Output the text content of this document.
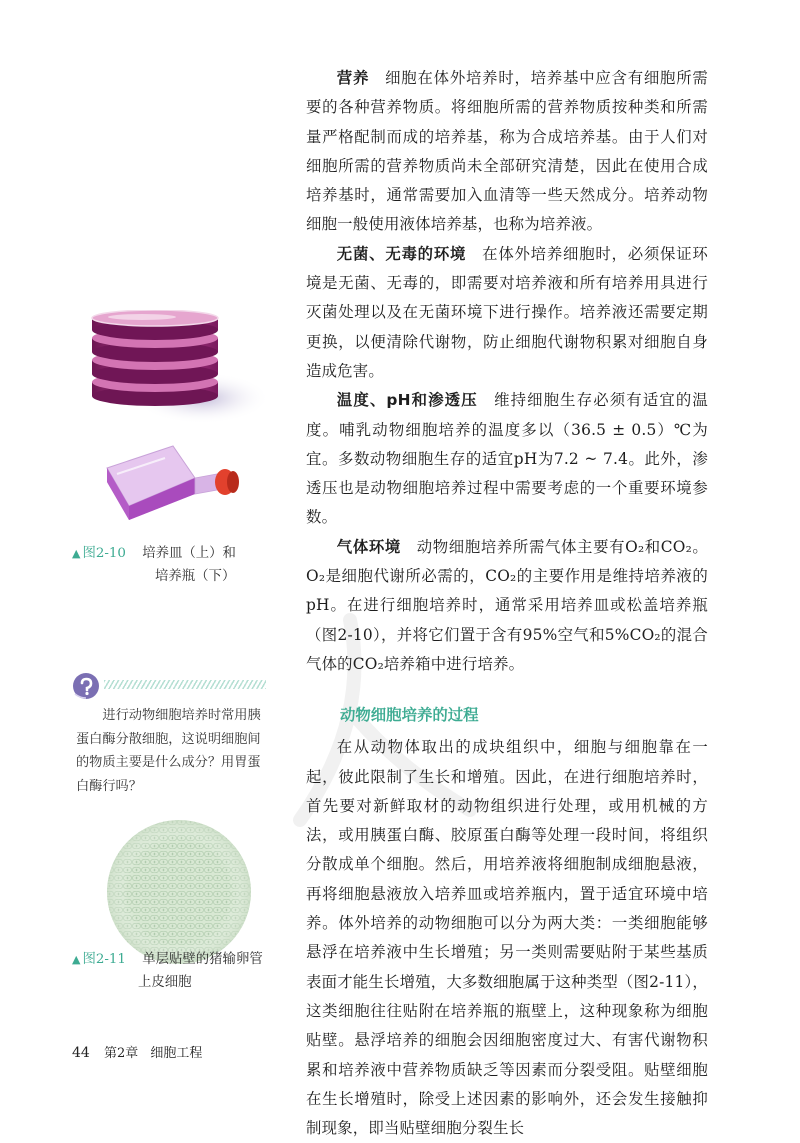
▲ 图2-10 培养皿（上）和
培养瓶（下）

进行动物细胞培养时常用胰蛋白酶分散细胞，这说明细胞间的物质主要是什么成分？用胃蛋白酶行吗？

▲ 图2-11 单层贴壁的猪输卵管
上皮细胞

营养 细胞在体外培养时，培养基中应含有细胞所需要的各种营养物质。将细胞所需的营养物质按种类和所需量严格配制而成的培养基，称为合成培养基。由于人们对细胞所需的营养物质尚未全部研究清楚，因此在使用合成培养基时，通常需要加入血清等一些天然成分。培养动物细胞一般使用液体培养基，也称为培养液。

无菌、无毒的环境 在体外培养细胞时，必须保证环境是无菌、无毒的，即需要对培养液和所有培养用具进行灭菌处理以及在无菌环境下进行操作。培养液还需要定期更换，以便清除代谢物，防止细胞代谢物积累对细胞自身造成危害。

温度、pH和渗透压 维持细胞生存必须有适宜的温度。哺乳动物细胞培养的温度多以（36.5 ± 0.5）℃为宜。多数动物细胞生存的适宜pH为7.2 ~ 7.4。此外，渗透压也是动物细胞培养过程中需要考虑的一个重要环境参数。

气体环境 动物细胞培养所需气体主要有O₂和CO₂。O₂是细胞代谢所必需的，CO₂的主要作用是维持培养液的pH。在进行细胞培养时，通常采用培养皿或松盖培养瓶（图2-10），并将它们置于含有95%空气和5%CO₂的混合气体的CO₂培养箱中进行培养。

动物细胞培养的过程

在从动物体取出的成块组织中，细胞与细胞靠在一起，彼此限制了生长和增殖。因此，在进行细胞培养时，首先要对新鲜取材的动物组织进行处理，或用机械的方法，或用胰蛋白酶、胶原蛋白酶等处理一段时间，将组织分散成单个细胞。然后，用培养液将细胞制成细胞悬液，再将细胞悬液放入培养皿或培养瓶内，置于适宜环境中培养。体外培养的动物细胞可以分为两大类：一类细胞能够悬浮在培养液中生长增殖；另一类则需要贴附于某些基质表面才能生长增殖，大多数细胞属于这种类型（图2-11），这类细胞往往贴附在培养瓶的瓶壁上，这种现象称为细胞贴壁。悬浮培养的细胞会因细胞密度过大、有害代谢物积累和培养液中营养物质缺乏等因素而分裂受阻。贴壁细胞在生长增殖时，除受上述因素的影响外，还会发生接触抑制现象，即当贴壁细胞分裂生长

44 第2章 细胞工程
